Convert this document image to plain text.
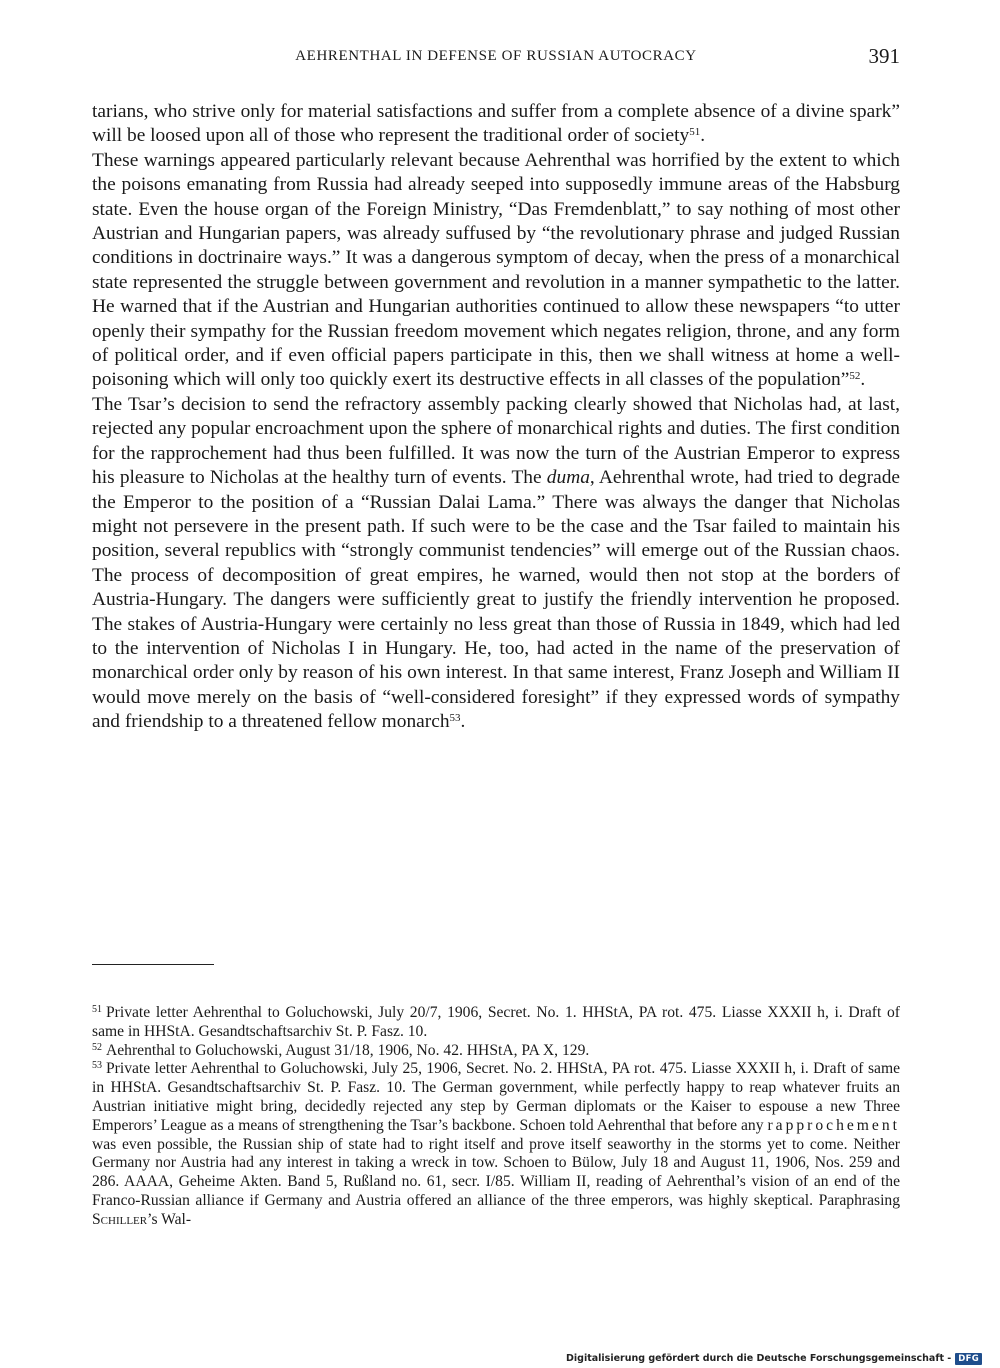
AEHRENTHAL IN DEFENSE OF RUSSIAN AUTOCRACY	391

tarians, who strive only for material satisfactions and suffer from a complete absence of a divine spark” will be loosed upon all of those who represent the traditional order of society$^{51}$.

These warnings appeared particularly relevant because Aehrenthal was horrified by the extent to which the poisons emanating from Russia had already seeped into supposedly immune areas of the Habsburg state. Even the house organ of the Foreign Ministry, “Das Fremdenblatt,” to say nothing of most other Austrian and Hungarian papers, was already suffused by “the revolutionary phrase and judged Russian conditions in doctrinaire ways.” It was a dangerous symptom of decay, when the press of a monarchical state represented the struggle between government and revolution in a manner sympathetic to the latter. He warned that if the Austrian and Hungarian authorities continued to allow these newspapers “to utter openly their sympathy for the Russian freedom movement which negates religion, throne, and any form of political order, and if even official papers participate in this, then we shall witness at home a well-poisoning which will only too quickly exert its destructive effects in all classes of the population”$^{52}$.

The Tsar’s decision to send the refractory assembly packing clearly showed that Nicholas had, at last, rejected any popular encroachment upon the sphere of monarchical rights and duties. The first condition for the rapprochement had thus been fulfilled. It was now the turn of the Austrian Emperor to express his pleasure to Nicholas at the healthy turn of events. The duma, Aehrenthal wrote, had tried to degrade the Emperor to the position of a “Russian Dalai Lama.” There was always the danger that Nicholas might not persevere in the present path. If such were to be the case and the Tsar failed to maintain his position, several republics with “strongly communist tendencies” will emerge out of the Russian chaos. The process of decomposition of great empires, he warned, would then not stop at the borders of Austria-Hungary. The dangers were sufficiently great to justify the friendly intervention he proposed. The stakes of Austria-Hungary were certainly no less great than those of Russia in 1849, which had led to the intervention of Nicholas I in Hungary. He, too, had acted in the name of the preservation of monarchical order only by reason of his own interest. In that same interest, Franz Joseph and William II would move merely on the basis of “well-considered foresight” if they expressed words of sympathy and friendship to a threatened fellow monarch$^{53}$.

$^{51}$ Private letter Aehrenthal to Goluchowski, July 20/7, 1906, Secret. No. 1. HHStA, PA rot. 475. Liasse XXXII h, i. Draft of same in HHStA. Gesandtschaftsarchiv St. P. Fasz. 10.

$^{52}$ Aehrenthal to Goluchowski, August 31/18, 1906, No. 42. HHStA, PA X, 129.

$^{53}$ Private letter Aehrenthal to Goluchowski, July 25, 1906, Secret. No. 2. HHStA, PA rot. 475. Liasse XXXII h, i. Draft of same in HHStA. Gesandtschaftsarchiv St. P. Fasz. 10. The German government, while perfectly happy to reap whatever fruits an Austrian initiative might bring, decidedly rejected any step by German diplomats or the Kaiser to espouse a new Three Emperors’ League as a means of strengthening the Tsar’s backbone. Schoen told Aehrenthal that before any rapprochement was even possible, the Russian ship of state had to right itself and prove itself seaworthy in the storms yet to come. Neither Germany nor Austria had any interest in taking a wreck in tow. Schoen to Bülow, July 18 and August 11, 1906, Nos. 259 and 286. AAAA, Geheime Akten. Band 5, Rußland no. 61, secr. I/85. William II, reading of Aehrenthal’s vision of an end of the Franco-Russian alliance if Germany and Austria offered an alliance of the three emperors, was highly skeptical. Paraphrasing Schiller’s Wal-

Digitalisierung gefördert durch die Deutsche Forschungsgemeinschaft - DFG
